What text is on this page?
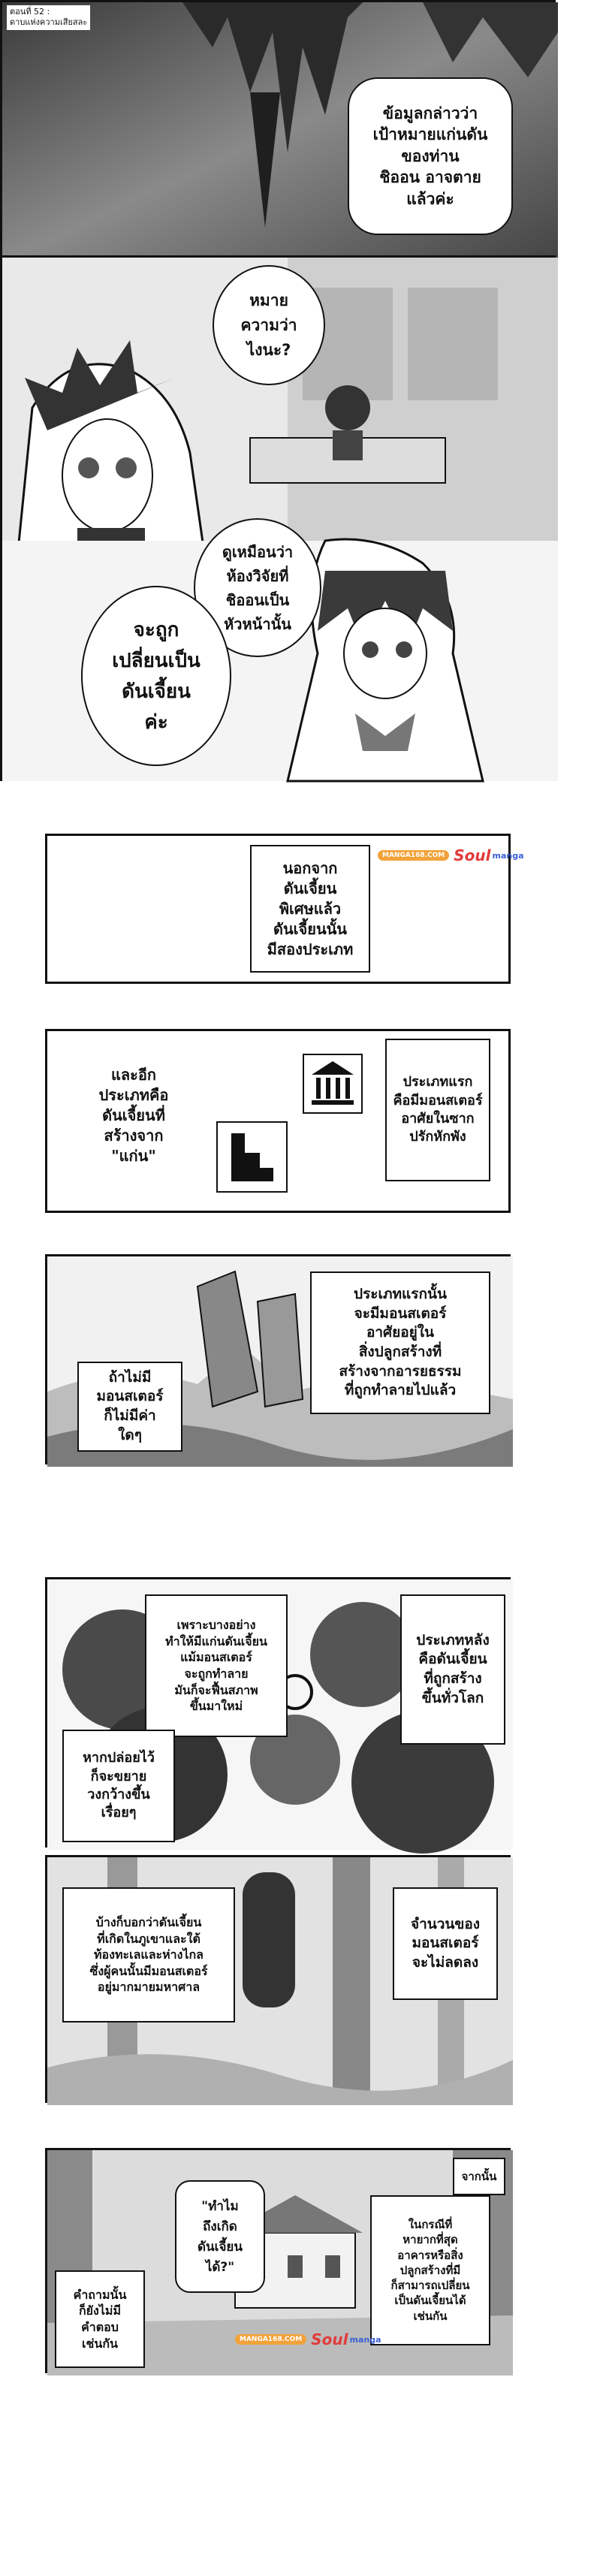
ตอนที่ 52 :
ดาบแห่งความเสียสละ
ข้อมูลกล่าวว่า
เป้าหมายแก่นดัน
ของท่าน
ชิออน อาจตาย
แล้วค่ะ
หมาย
ความว่า
ไงนะ?
ดูเหมือนว่า
ห้องวิจัยที่
ชิออนเป็น
หัวหน้านั้น
จะถูก
เปลี่ยนเป็น
ดันเจี้ยน
ค่ะ
นอกจาก
ดันเจี้ยน
พิเศษแล้ว
ดันเจี้ยนนั้น
มีสองประเภท
MANGA168.COM Soul manga
และอีก
ประเภทคือ
ดันเจี้ยนที่
สร้างจาก
"แก่น"
ประเภทแรก
คือมีมอนสเตอร์
อาศัยในซาก
ปรักหักพัง
ประเภทแรกนั้น
จะมีมอนสเตอร์
อาศัยอยู่ใน
สิ่งปลูกสร้างที่
สร้างจากอารยธรรม
ที่ถูกทำลายไปแล้ว
ถ้าไม่มี
มอนสเตอร์
ก็ไม่มีค่า
ใดๆ
เพราะบางอย่าง
ทำให้มีแก่นดันเจี้ยน
แม้มอนสเตอร์
จะถูกทำลาย
มันก็จะฟื้นสภาพ
ขึ้นมาใหม่
ประเภทหลัง
คือดันเจี้ยน
ที่ถูกสร้าง
ขึ้นทั่วโลก
หากปล่อยไว้
ก็จะขยาย
วงกว้างขึ้น
เรื่อยๆ
บ้างก็บอกว่าดันเจี้ยน
ที่เกิดในภูเขาและใต้
ท้องทะเลและห่างไกล
ซึ่งผู้คนนั้นมีมอนสเตอร์
อยู่มากมายมหาศาล
จำนวนของ
มอนสเตอร์
จะไม่ลดลง
"ทำไม
ถึงเกิด
ดันเจี้ยน
ได้?"
จากนั้น
ในกรณีที่
หายากที่สุด
อาคารหรือสิ่ง
ปลูกสร้างที่มี
ก็สามารถเปลี่ยน
เป็นดันเจี้ยนได้
เช่นกัน
คำถามนั้น
ก็ยังไม่มี
คำตอบ
เช่นกัน	MANGA168.COM Soul manga
